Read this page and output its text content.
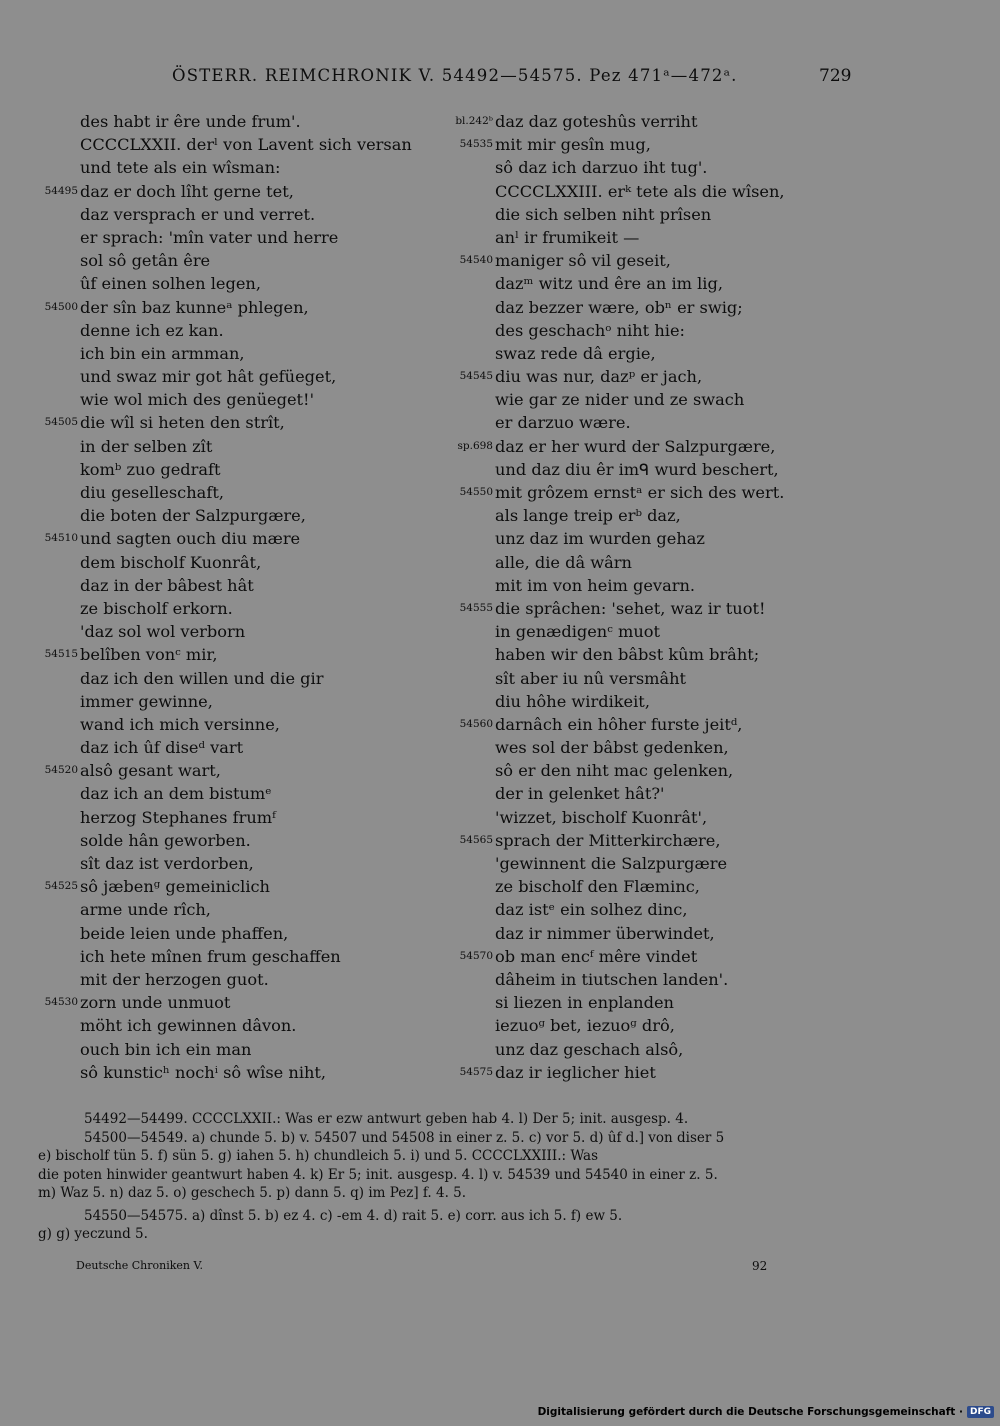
ÖSTERR. REIMCHRONIK V. 54492—54575. Pez 471ᵃ—472ᵃ.	729
des habt ir êre unde frum'.
CCCCLXXII. derˡ von Lavent sich versan
und tete als ein wîsman:
54495 daz er doch lîht gerne tet,
daz versprach er und verret.
er sprach: 'mîn vater und herre
sol sô getân êre
ûf einen solhen legen,
54500 der sîn baz kunneᵃ phlegen,
denne ich ez kan.
ich bin ein armman,
und swaz mir got hât gefüeget,
wie wol mich des genüeget!'
54505 die wîl si heten den strît,
in der selben zît
komᵇ zuo gedraft
diu geselleschaft,
die boten der Salzpurgære,
54510 und sagten ouch diu mære
dem bischolf Kuonrât,
daz in der bâbest hât
ze bischolf erkorn.
'daz sol wol verborn
54515 belîben vonᶜ mir,
daz ich den willen und die gir
immer gewinne,
wand ich mich versinne,
daz ich ûf diseᵈ vart
54520 alsô gesant wart,
daz ich an dem bistumᵉ
herzog Stephanes frumᶠ
solde hân geworben.
sît daz ist verdorben,
54525 sô jæbenᵍ gemeiniclich
arme unde rîch,
beide leien unde phaffen,
ich hete mînen frum geschaffen
mit der herzogen guot.
54530 zorn unde unmuot
möht ich gewinnen dâvon.
ouch bin ich ein man
sô kunsticʰ nochⁱ sô wîse niht,
bl.242ᵇ daz daz goteshûs verriht
54535 mit mir gesîn mug,
sô daz ich darzuo iht tug'.
CCCCLXXIII. erᵏ tete als die wîsen,
die sich selben niht prîsen
anˡ ir frumikeit —
54540 maniger sô vil geseit,
dazᵐ witz und êre an im lig,
daz bezzer wære, obⁿ er swig;
des geschachᵒ niht hie:
swaz rede dâ ergie,
54545 diu was nur, dazᵖ er jach,
wie gar ze nider und ze swach
er darzuo wære.
sp.698 daz er her wurd der Salzpurgære,
und daz diu êr imᑫ wurd beschert,
54550 mit grôzem ernstᵃ er sich des wert.
als lange treip erᵇ daz,
unz daz im wurden gehaz
alle, die dâ wârn
mit im von heim gevarn.
54555 die sprâchen: 'sehet, waz ir tuot!
in genædigenᶜ muot
haben wir den bâbst kûm brâht;
sît aber iu nû versmâht
diu hôhe wirdikeit,
54560 darnâch ein hôher furste jeitᵈ,
wes sol der bâbst gedenken,
sô er den niht mac gelenken,
der in gelenket hât?'
'wizzet, bischolf Kuonrât',
54565 sprach der Mitterkirchære,
'gewinnent die Salzpurgære
ze bischolf den Flæminc,
daz istᵉ ein solhez dinc,
daz ir nimmer überwindet,
54570 ob man encᶠ mêre vindet
dâheim in tiutschen landen'.
si liezen in enplanden
iezuoᵍ bet, iezuoᵍ drô,
unz daz geschach alsô,
54575 daz ir ieglicher hiet
54492—54499. CCCCLXXII.: Was er ezw antwurt geben hab 4. l) Der 5; init. ausgesp. 4.
54500—54549. a) chunde 5. b) v. 54507 und 54508 in einer z. 5. c) vor 5. d) ûf d.] von diser 5
e) bischolf tün 5. f) sün 5. g) iahen 5. h) chundleich 5. i) und 5. CCCCLXXIII.: Was
die poten hinwider geantwurt haben 4. k) Er 5; init. ausgesp. 4. l) v. 54539 und 54540 in einer z. 5.
m) Waz 5. n) daz 5. o) geschech 5. p) dann 5. q) im Pez] f. 4. 5.
54550—54575. a) dînst 5. b) ez 4. c) -em 4. d) rait 5. e) corr. aus ich 5. f) ew 5.
g) g) yeczund 5.
Deutsche Chroniken V.	92
Digitalisierung gefördert durch die Deutsche Forschungsgemeinschaft · DFG
